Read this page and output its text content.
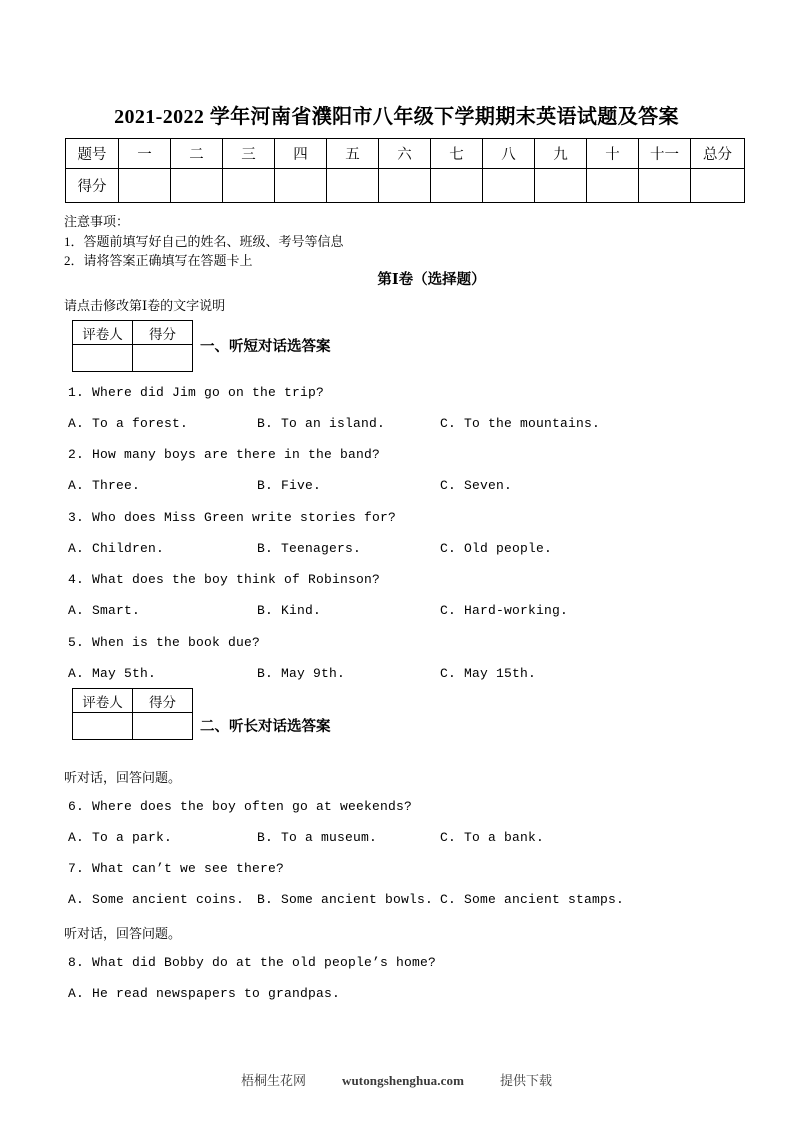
2021-2022 学年河南省濮阳市八年级下学期期末英语试题及答案
题号	一	二	三	四	五	六	七	八	九	十	十一	总分
得分												
注意事项：
1．答题前填写好自己的姓名、班级、考号等信息
2．请将答案正确填写在答题卡上
第Ⅰ卷（选择题）
请点击修改第Ⅰ卷的文字说明
评卷人	得分

一、听短对话选答案
1. Where did Jim go on the trip?
A. To a forest.	B. To an island.	C. To the mountains.
2. How many boys are there in the band?
A. Three.	B. Five.	C. Seven.
3. Who does Miss Green write stories for?
A. Children.	B. Teenagers.	C. Old people.
4. What does the boy think of Robinson?
A. Smart.	B. Kind.	C. Hard-working.
5. When is the book due?
A. May 5th.	B. May 9th.	C. May 15th.
评卷人	得分

二、听长对话选答案
听对话，回答问题。
6. Where does the boy often go at weekends?
A. To a park.	B. To a museum.	C. To a bank.
7. What can’t we see there?
A. Some ancient coins. B. Some ancient bowls. C. Some ancient stamps.
听对话，回答问题。
8. What did Bobby do at the old people’s home?
A. He read newspapers to grandpas.
梧桐生花网	wutongshenghua.com	提供下载
